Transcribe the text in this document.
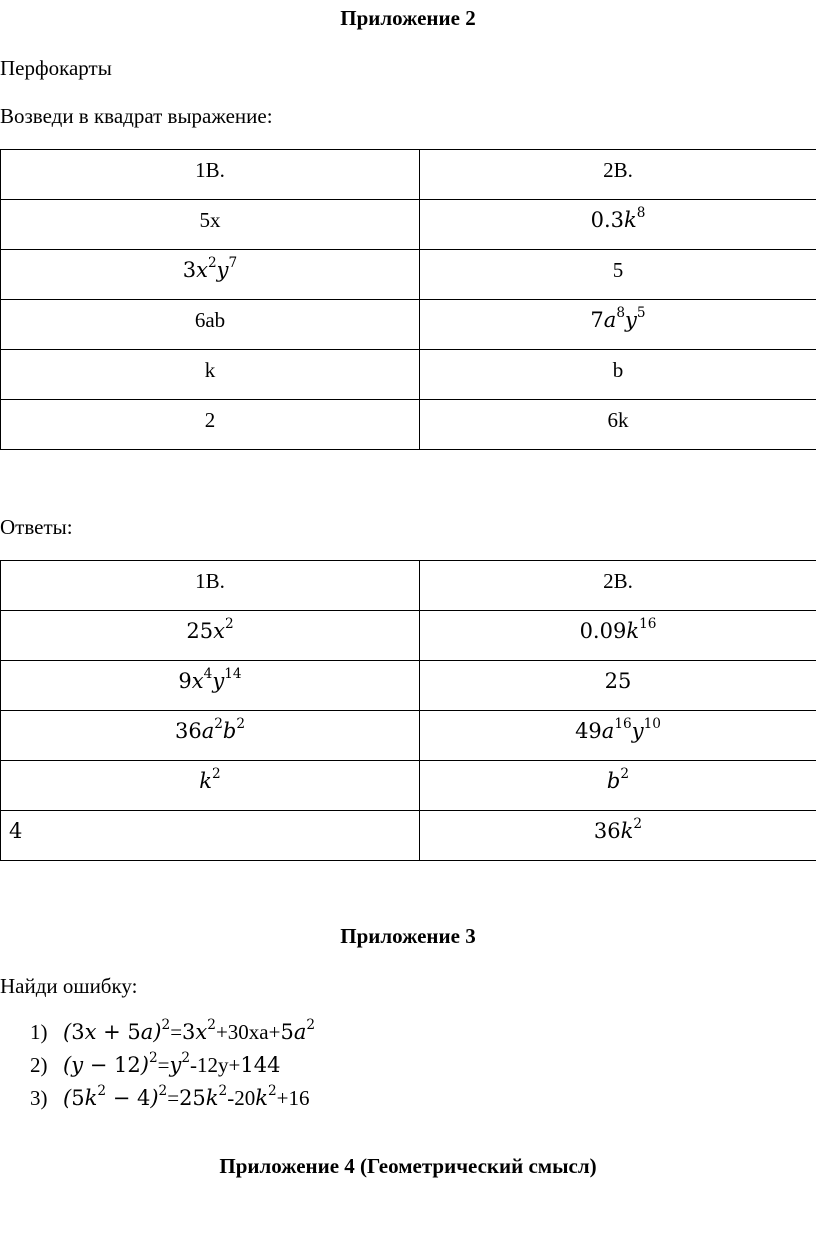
Приложение 2
Перфокарты
Возведи в квадрат выражение:
1В.	2В.
5x	$0.3k^8$
$3x^2y^7$	5
6ab	$7a^8y^5$
k	b
2	6k
Ответы:
1В.	2В.
$25x^2$	$0.09k^{16}$
$9x^4y^{14}$	25
$36a^2b^2$	$49a^{16}y^{10}$
$k^2$	$b^2$
4	$36k^2$
Приложение 3
Найди ошибку:
1) $(3x + 5a)^2=3x^2+30xa+5a^2$
2) $(y - 12)^2=y^2-12y+144$
3) $(5k^2 - 4)^2=25k^2-20k^2+16$
Приложение 4 (Геометрический смысл)
